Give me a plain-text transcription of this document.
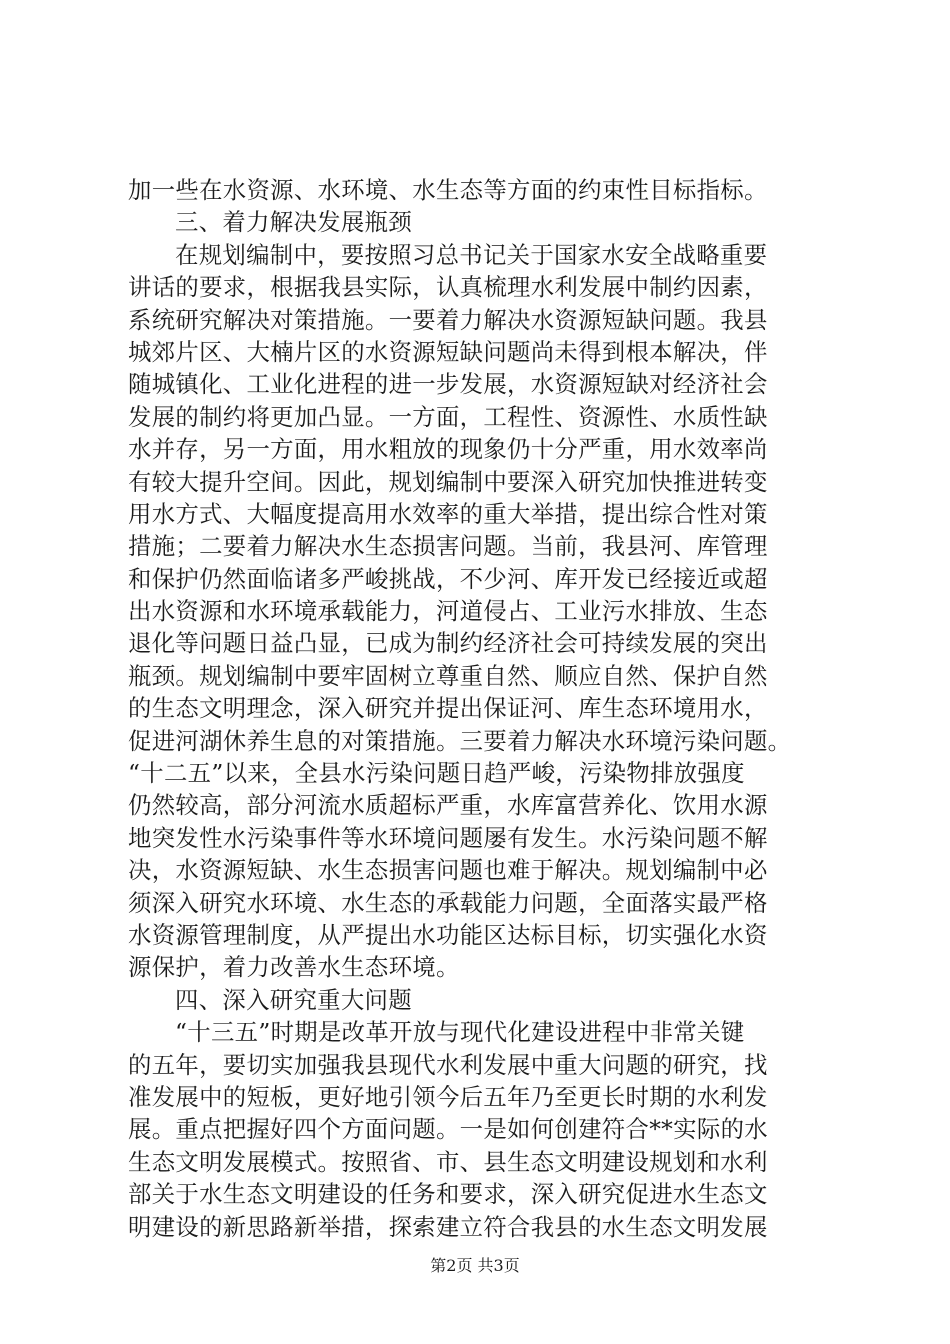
加一些在水资源、水环境、水生态等方面的约束性目标指标。
三、着力解决发展瓶颈
在规划编制中，要按照习总书记关于国家水安全战略重要
讲话的要求，根据我县实际，认真梳理水利发展中制约因素，
系统研究解决对策措施。一要着力解决水资源短缺问题。我县
城郊片区、大楠片区的水资源短缺问题尚未得到根本解决，伴
随城镇化、工业化进程的进一步发展，水资源短缺对经济社会
发展的制约将更加凸显。一方面，工程性、资源性、水质性缺
水并存，另一方面，用水粗放的现象仍十分严重，用水效率尚
有较大提升空间。因此，规划编制中要深入研究加快推进转变
用水方式、大幅度提高用水效率的重大举措，提出综合性对策
措施；二要着力解决水生态损害问题。当前，我县河、库管理
和保护仍然面临诸多严峻挑战，不少河、库开发已经接近或超
出水资源和水环境承载能力，河道侵占、工业污水排放、生态
退化等问题日益凸显，已成为制约经济社会可持续发展的突出
瓶颈。规划编制中要牢固树立尊重自然、顺应自然、保护自然
的生态文明理念，深入研究并提出保证河、库生态环境用水，
促进河湖休养生息的对策措施。三要着力解决水环境污染问题。
“十二五”以来，全县水污染问题日趋严峻，污染物排放强度
仍然较高，部分河流水质超标严重，水库富营养化、饮用水源
地突发性水污染事件等水环境问题屡有发生。水污染问题不解
决，水资源短缺、水生态损害问题也难于解决。规划编制中必
须深入研究水环境、水生态的承载能力问题，全面落实最严格
水资源管理制度，从严提出水功能区达标目标，切实强化水资
源保护，着力改善水生态环境。
四、深入研究重大问题
“十三五”时期是改革开放与现代化建设进程中非常关键
的五年，要切实加强我县现代水利发展中重大问题的研究，找
准发展中的短板，更好地引领今后五年乃至更长时期的水利发
展。重点把握好四个方面问题。一是如何创建符合**实际的水
生态文明发展模式。按照省、市、县生态文明建设规划和水利
部关于水生态文明建设的任务和要求，深入研究促进水生态文
明建设的新思路新举措，探索建立符合我县的水生态文明发展
第2页 共3页
